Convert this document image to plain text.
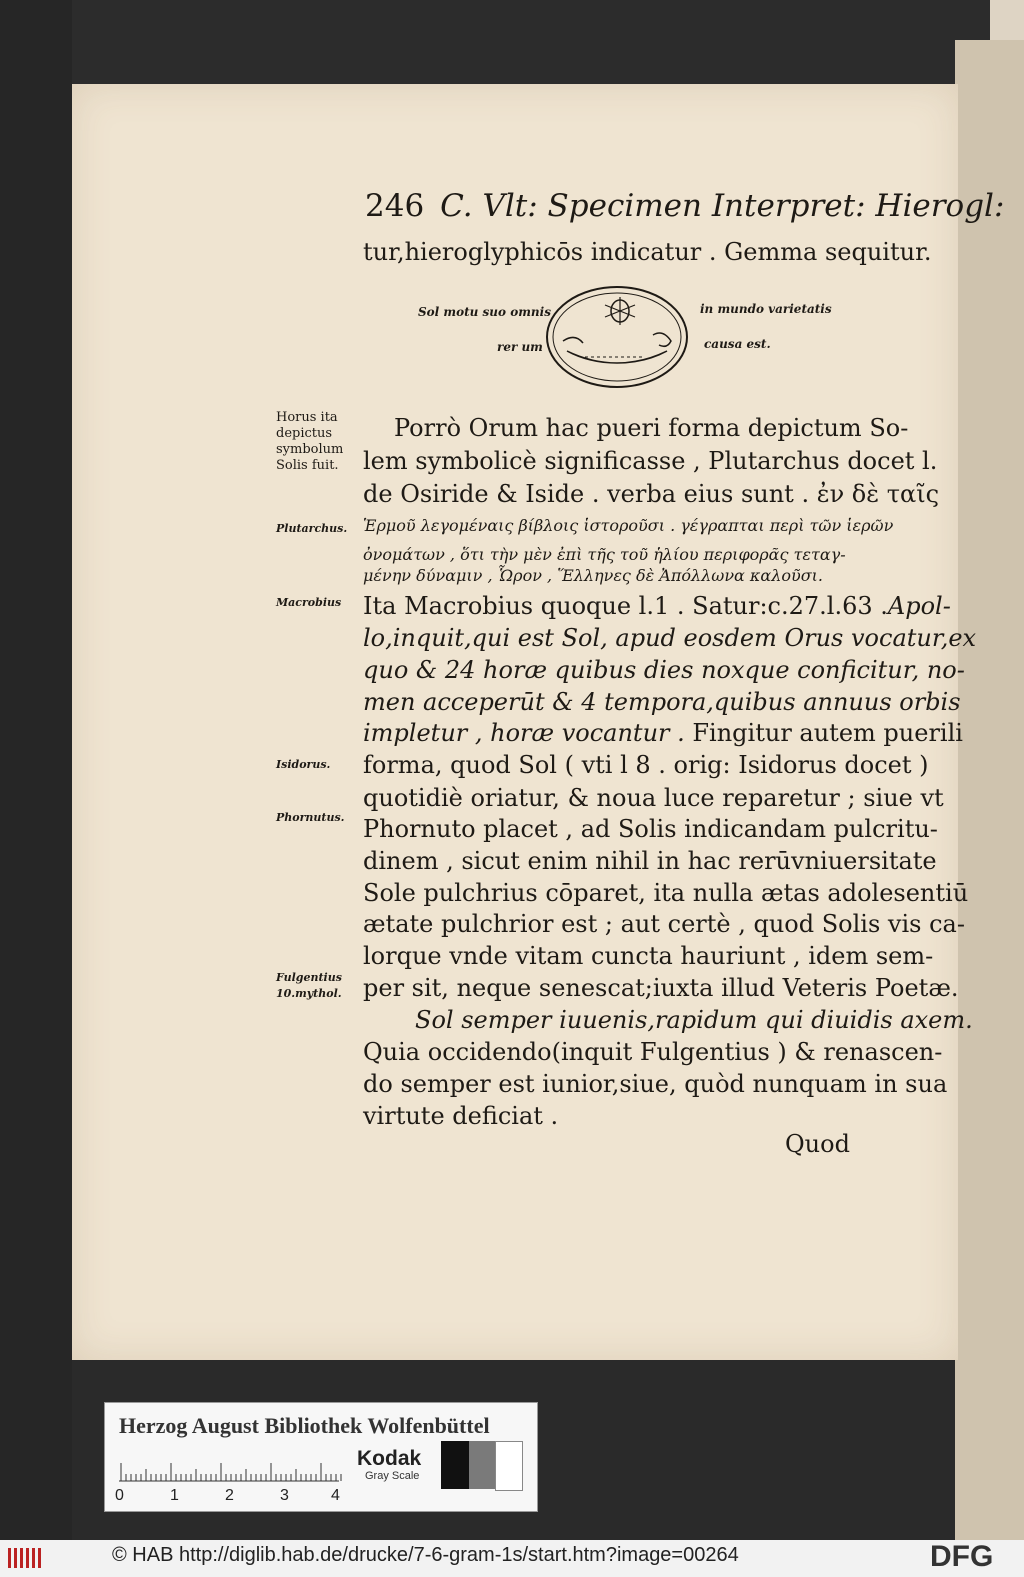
246 C. Vlt: Specimen Interpret: Hierogl:
tur,hieroglyphicōs indicatur . Gemma sequitur.
Sol motu suo omnis
rer um
in mundo varietatis
causa est.
Horus ita
depictus
symbolum
Solis fuit.
Plutarchus.
Macrobius
Isidorus.
Phornutus.
Fulgentius
10.mythol.
Porrò Orum hac pueri forma depictum So-
lem symbolicè significasse , Plutarchus docet l.
de Osiride & Iside . verba eius sunt . ἐν δὲ ταῖς
Ἑρμοῦ λεγομέναις βίβλοις ἱστοροῦσι . γέγραπται περὶ τῶν ἱερῶν
ὀνομάτων , ὅτι τὴν μὲν ἐπὶ τῆς τοῦ ἡλίου περιφορᾶς τεταγ-
μένην δύναμιν , Ὧρον , Ἕλληνες δὲ Ἀπόλλωνα καλοῦσι.
Ita Macrobius quoque l.1 . Satur:c.27.l.63 .Apol-
lo,inquit,qui est Sol, apud eosdem Orus vocatur,ex
quo & 24 horæ quibus dies noxque conficitur, no-
men acceperūt & 4 tempora,quibus annuus orbis
impletur , horæ vocantur . Fingitur autem puerili
forma, quod Sol ( vti l 8 . orig: Isidorus docet )
quotidiè oriatur, & noua luce reparetur ; siue vt
Phornuto placet , ad Solis indicandam pulcritu-
dinem , sicut enim nihil in hac rerūvniuersitate
Sole pulchrius cōparet, ita nulla ætas adolesentiū
ætate pulchrior est ; aut certè , quod Solis vis ca-
lorque vnde vitam cuncta hauriunt , idem sem-
per sit, neque senescat;iuxta illud Veteris Poetæ.
Sol semper iuuenis,rapidum qui diuidis axem.
Quia occidendo(inquit Fulgentius ) & renascen-
do semper est iunior,siue, quòd nunquam in sua
virtute deficiat .
Quod
Herzog August Bibliothek Wolfenbüttel
0	1	2	3	4
Kodak
Gray Scale
© HAB http://diglib.hab.de/drucke/7-6-gram-1s/start.htm?image=00264	DFG
